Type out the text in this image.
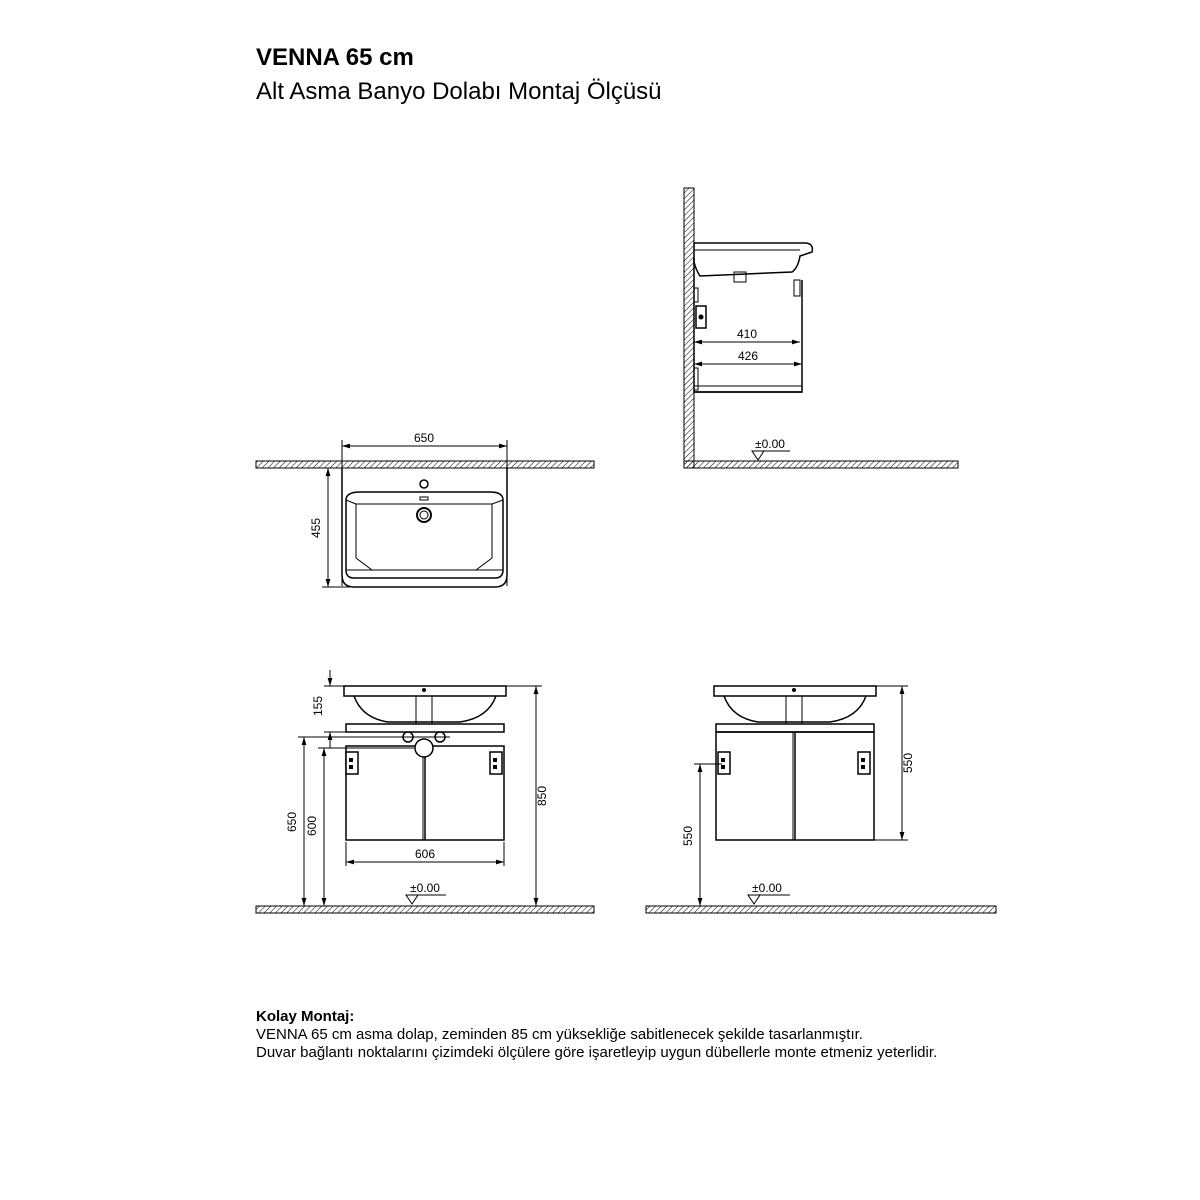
VENNA 65 cm
Alt Asma Banyo Dolabı Montaj Ölçüsü
410
426
±0.00
650
455
155
650 600
606
850
±0.00
550
550
±0.00

Kolay Montaj:

VENNA 65 cm asma dolap, zeminden 85 cm yüksekliğe sabitlenecek şekilde tasarlanmıştır.

Duvar bağlantı noktalarını çizimdeki ölçülere göre işaretleyip uygun dübellerle monte etmeniz yeterlidir.
